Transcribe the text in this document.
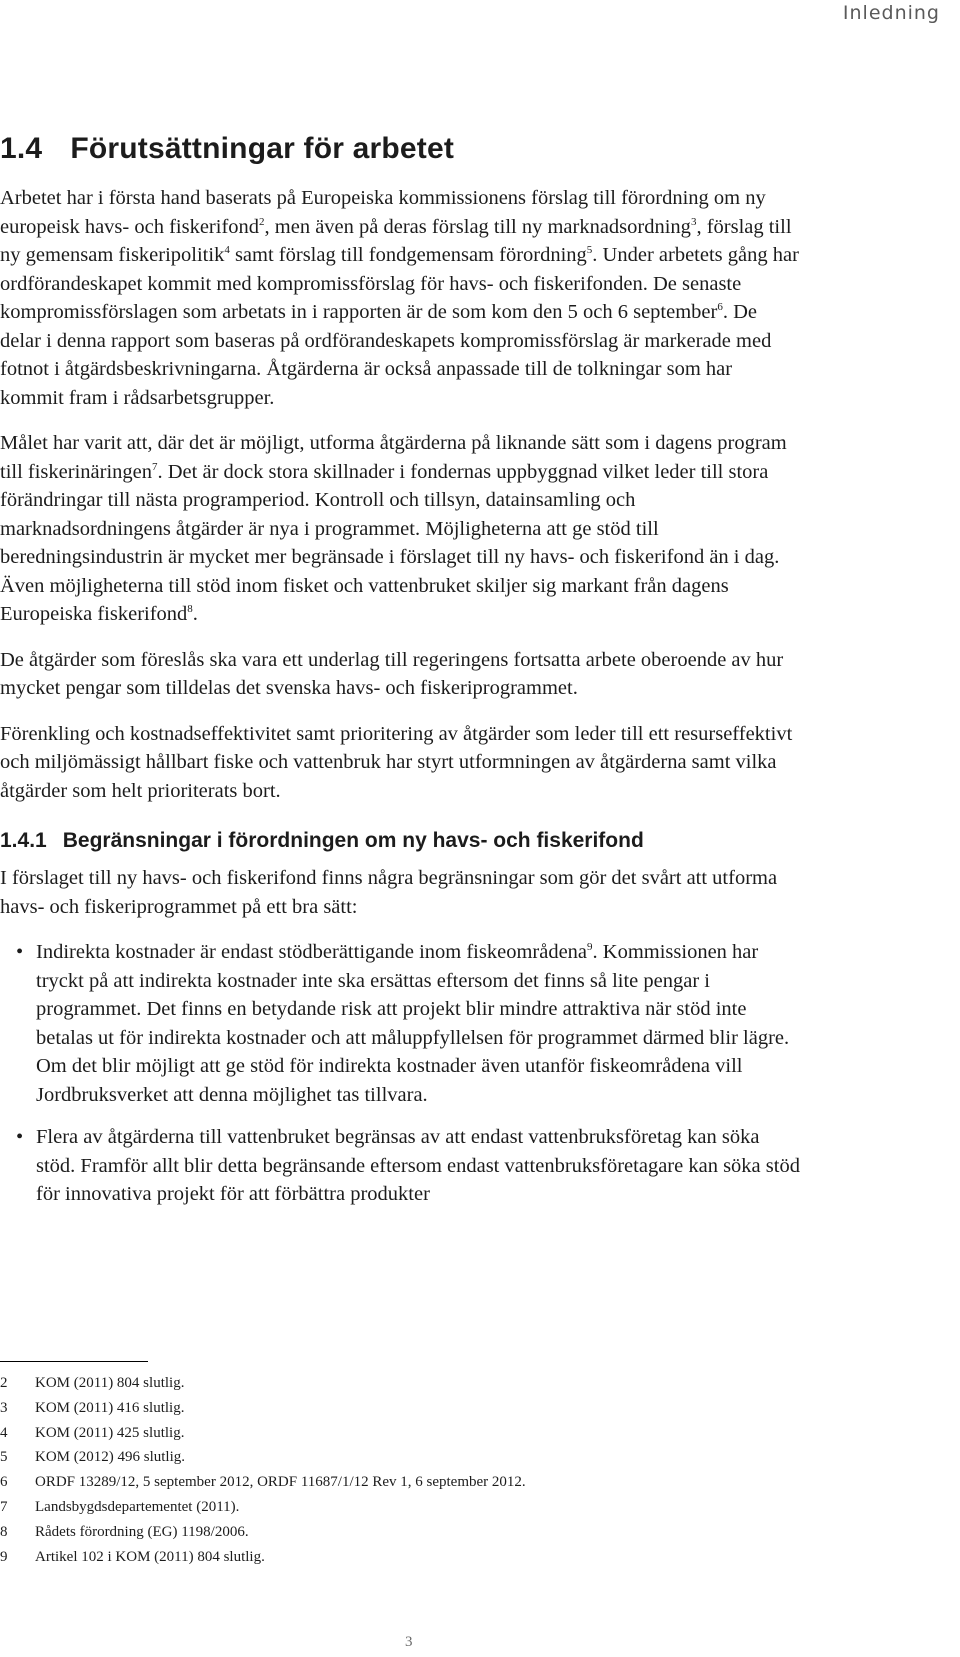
Inledning
1.4 Förutsättningar för arbetet

Arbetet har i första hand baserats på Europeiska kommissionens förslag till förordning om ny europeisk havs- och fiskerifond$^2$, men även på deras förslag till ny marknadsordning$^3$, förslag till ny gemensam fiskeripolitik$^4$ samt förslag till fondgemensam förordning$^5$. Under arbetets gång har ordförandeskapet kommit med kompromissförslag för havs- och fiskerifonden. De senaste kompromissförslagen som arbetats in i rapporten är de som kom den 5 och 6 september$^6$. De delar i denna rapport som baseras på ordförandeskapets kompromissförslag är markerade med fotnot i åtgärdsbeskrivningarna. Åtgärderna är också anpassade till de tolkningar som har kommit fram i rådsarbetsgrupper.

Målet har varit att, där det är möjligt, utforma åtgärderna på liknande sätt som i dagens program till fiskerinäringen$^7$. Det är dock stora skillnader i fondernas uppbyggnad vilket leder till stora förändringar till nästa programperiod. Kontroll och tillsyn, datainsamling och marknadsordningens åtgärder är nya i programmet. Möjligheterna att ge stöd till beredningsindustrin är mycket mer begränsade i förslaget till ny havs- och fiskerifond än i dag. Även möjligheterna till stöd inom fisket och vattenbruket skiljer sig markant från dagens Europeiska fiskerifond$^8$.

De åtgärder som föreslås ska vara ett underlag till regeringens fortsatta arbete oberoende av hur mycket pengar som tilldelas det svenska havs- och fiskeriprogrammet.

Förenkling och kostnadseffektivitet samt prioritering av åtgärder som leder till ett resurseffektivt och miljömässigt hållbart fiske och vattenbruk har styrt utformningen av åtgärderna samt vilka åtgärder som helt prioriterats bort.

1.4.1 Begränsningar i förordningen om ny havs- och fiskerifond

I förslaget till ny havs- och fiskerifond finns några begränsningar som gör det svårt att utforma havs- och fiskeriprogrammet på ett bra sätt:

• Indirekta kostnader är endast stödberättigande inom fiskeområdena$^9$. Kommissionen har tryckt på att indirekta kostnader inte ska ersättas eftersom det finns så lite pengar i programmet. Det finns en betydande risk att projekt blir mindre attraktiva när stöd inte betalas ut för indirekta kostnader och att måluppfyllelsen för programmet därmed blir lägre. Om det blir möjligt att ge stöd för indirekta kostnader även utanför fiskeområdena vill Jordbruksverket att denna möjlighet tas tillvara.
• Flera av åtgärderna till vattenbruket begränsas av att endast vattenbruksföretag kan söka stöd. Framför allt blir detta begränsande eftersom endast vattenbruksföretagare kan söka stöd för innovativa projekt för att förbättra produkter
2 KOM (2011) 804 slutlig.
3 KOM (2011) 416 slutlig.
4 KOM (2011) 425 slutlig.
5 KOM (2012) 496 slutlig.
6 ORDF 13289/12, 5 september 2012, ORDF 11687/1/12 Rev 1, 6 september 2012.
7 Landsbygdsdepartementet (2011).
8 Rådets förordning (EG) 1198/2006.
9 Artikel 102 i KOM (2011) 804 slutlig.
3
